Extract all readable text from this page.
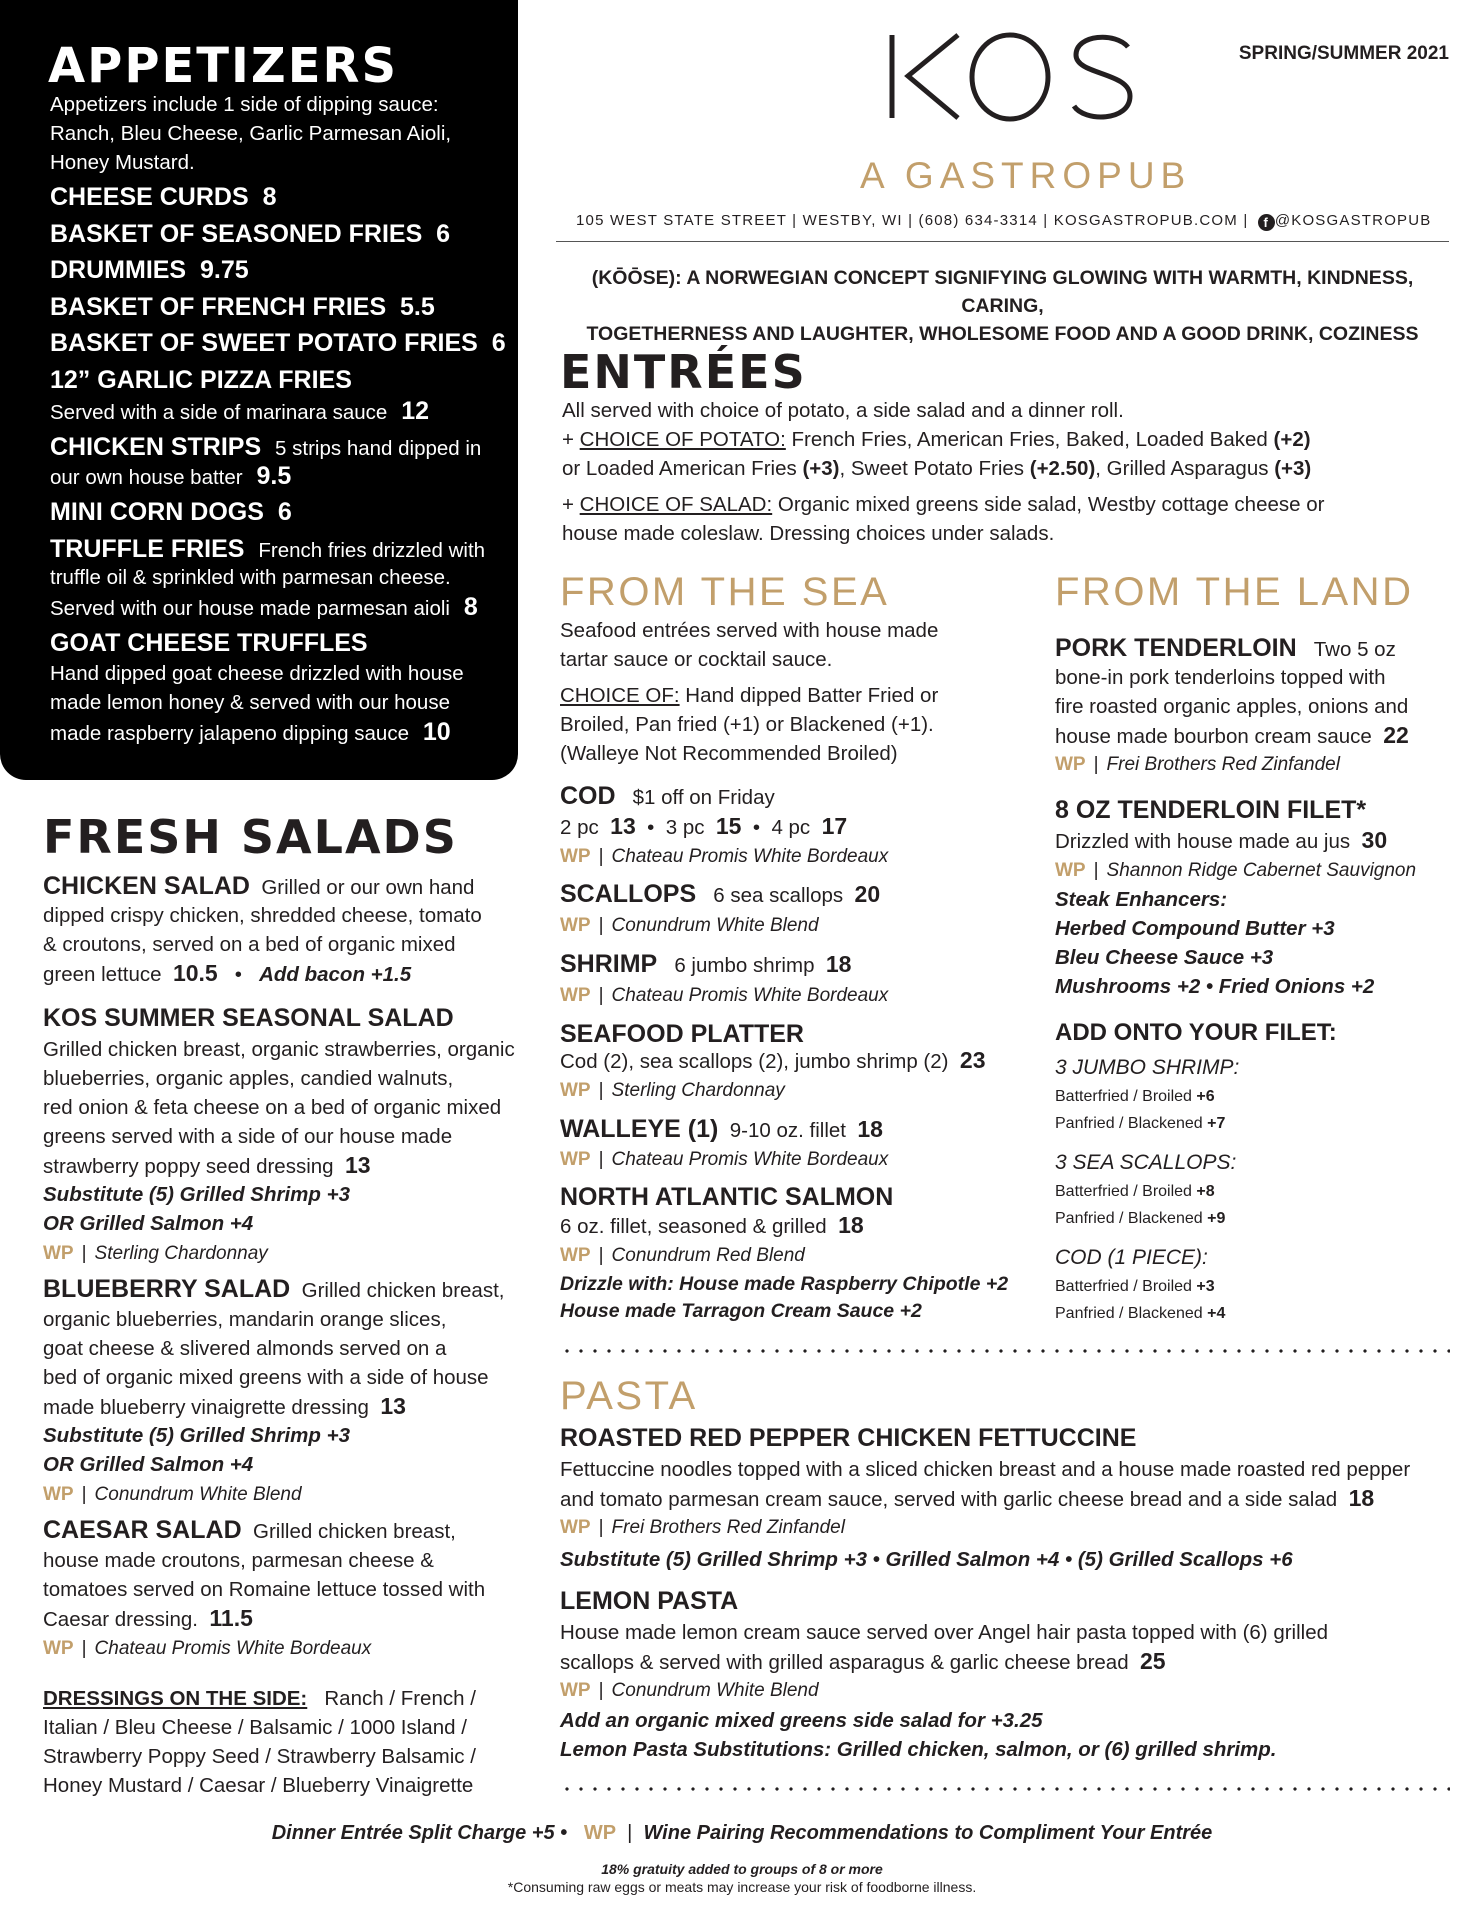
APPETIZERS
Appetizers include 1 side of dipping sauce:
Ranch, Bleu Cheese, Garlic Parmesan Aioli,
Honey Mustard.
CHEESE CURDS 8
BASKET OF SEASONED FRIES 6
DRUMMIES 9.75
BASKET OF FRENCH FRIES 5.5
BASKET OF SWEET POTATO FRIES 6
12” GARLIC PIZZA FRIES
Served with a side of marinara sauce 12
CHICKEN STRIPS 5 strips hand dipped in
our own house batter 9.5
MINI CORN DOGS 6
TRUFFLE FRIES French fries drizzled with
truffle oil & sprinkled with parmesan cheese.
Served with our house made parmesan aioli 8
GOAT CHEESE TRUFFLES
Hand dipped goat cheese drizzled with house
made lemon honey & served with our house
made raspberry jalapeno dipping sauce 10
A GASTROPUB
SPRING/SUMMER 2021
105 WEST STATE STREET | WESTBY, WI | (608) 634-3314 | KOSGASTROPUB.COM | f @KOSGASTROPUB
(KŌŌSE): A NORWEGIAN CONCEPT SIGNIFYING GLOWING WITH WARMTH, KINDNESS, CARING,
TOGETHERNESS AND LAUGHTER, WHOLESOME FOOD AND A GOOD DRINK, COZINESS
ENTRÉES
All served with choice of potato, a side salad and a dinner roll.
+ CHOICE OF POTATO: French Fries, American Fries, Baked, Loaded Baked (+2)
or Loaded American Fries (+3), Sweet Potato Fries (+2.50), Grilled Asparagus (+3)
+ CHOICE OF SALAD: Organic mixed greens side salad, Westby cottage cheese or
house made coleslaw. Dressing choices under salads.
FROM THE SEA
Seafood entrées served with house made
tartar sauce or cocktail sauce.
CHOICE OF: Hand dipped Batter Fried or
Broiled, Pan fried (+1) or Blackened (+1).
(Walleye Not Recommended Broiled)
COD $1 off on Friday
2 pc 13  •  3 pc 15  •  4 pc 17
WP | Chateau Promis White Bordeaux
SCALLOPS 6 sea scallops 20
WP | Conundrum White Blend
SHRIMP 6 jumbo shrimp 18
WP | Chateau Promis White Bordeaux
SEAFOOD PLATTER
Cod (2), sea scallops (2), jumbo shrimp (2) 23
WP | Sterling Chardonnay
WALLEYE (1) 9-10 oz. fillet 18
WP | Chateau Promis White Bordeaux
NORTH ATLANTIC SALMON
6 oz. fillet, seasoned & grilled 18
WP | Conundrum Red Blend
Drizzle with: House made Raspberry Chipotle +2
House made Tarragon Cream Sauce +2
FROM THE LAND
PORK TENDERLOIN Two 5 oz
bone-in pork tenderloins topped with
fire roasted organic apples, onions and
house made bourbon cream sauce 22
WP | Frei Brothers Red Zinfandel
8 OZ TENDERLOIN FILET*
Drizzled with house made au jus 30
WP | Shannon Ridge Cabernet Sauvignon
Steak Enhancers:
Herbed Compound Butter +3
Bleu Cheese Sauce +3
Mushrooms +2 • Fried Onions +2
ADD ONTO YOUR FILET:
3 JUMBO SHRIMP:
Batterfried / Broiled +6
Panfried / Blackened +7
3 SEA SCALLOPS:
Batterfried / Broiled +8
Panfried / Blackened +9
COD (1 PIECE):
Batterfried / Broiled +3
Panfried / Blackened +4
PASTA
ROASTED RED PEPPER CHICKEN FETTUCCINE
Fettuccine noodles topped with a sliced chicken breast and a house made roasted red pepper
and tomato parmesan cream sauce, served with garlic cheese bread and a side salad 18
WP | Frei Brothers Red Zinfandel
Substitute (5) Grilled Shrimp +3 • Grilled Salmon +4 • (5) Grilled Scallops +6
LEMON PASTA
House made lemon cream sauce served over Angel hair pasta topped with (6) grilled
scallops & served with grilled asparagus & garlic cheese bread 25
WP | Conundrum White Blend
Add an organic mixed greens side salad for +3.25
Lemon Pasta Substitutions: Grilled chicken, salmon, or (6) grilled shrimp.
FRESH SALADS
CHICKEN SALAD Grilled or our own hand
dipped crispy chicken, shredded cheese, tomato
& croutons, served on a bed of organic mixed
green lettuce 10.5   •   Add bacon +1.5
KOS SUMMER SEASONAL SALAD
Grilled chicken breast, organic strawberries, organic
blueberries, organic apples, candied walnuts,
red onion & feta cheese on a bed of organic mixed
greens served with a side of our house made
strawberry poppy seed dressing 13
Substitute (5) Grilled Shrimp +3
OR Grilled Salmon +4
WP | Sterling Chardonnay
BLUEBERRY SALAD Grilled chicken breast,
organic blueberries, mandarin orange slices,
goat cheese & slivered almonds served on a
bed of organic mixed greens with a side of house
made blueberry vinaigrette dressing 13
Substitute (5) Grilled Shrimp +3
OR Grilled Salmon +4
WP | Conundrum White Blend
CAESAR SALAD Grilled chicken breast,
house made croutons, parmesan cheese &
tomatoes served on Romaine lettuce tossed with
Caesar dressing. 11.5
WP | Chateau Promis White Bordeaux
DRESSINGS ON THE SIDE: Ranch / French /
Italian / Bleu Cheese / Balsamic / 1000 Island /
Strawberry Poppy Seed / Strawberry Balsamic /
Honey Mustard / Caesar / Blueberry Vinaigrette
Dinner Entrée Split Charge +5 • WP | Wine Pairing Recommendations to Compliment Your Entrée
18% gratuity added to groups of 8 or more
*Consuming raw eggs or meats may increase your risk of foodborne illness.
